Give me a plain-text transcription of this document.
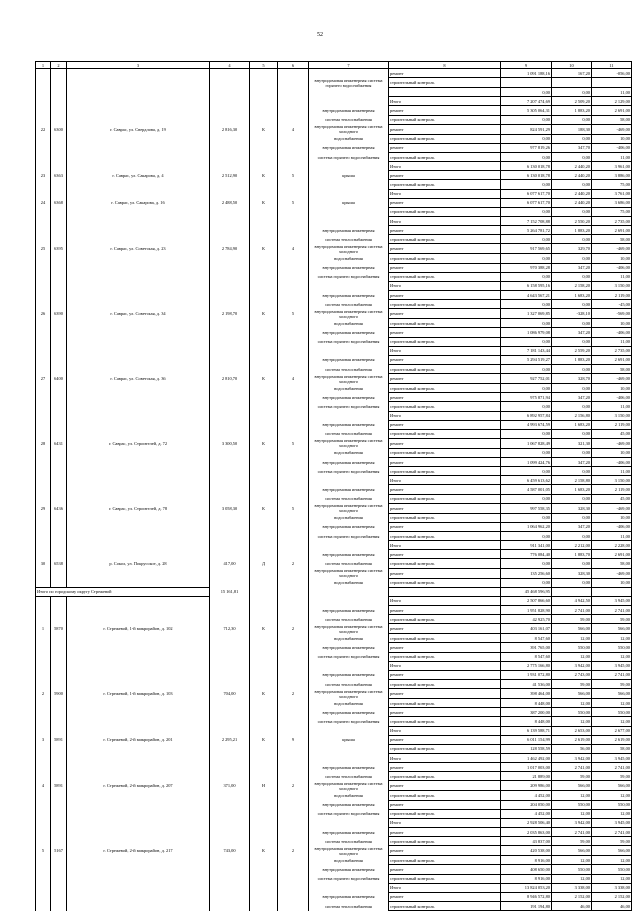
52
1	2	3	4	5	6	7	8	9	10	11
							ремонт	1 091 188,16	167,20	-056,00
						внутридомовая инженерная система горячего водоснабжения	строительный контроль			
								0,00	0,00	11,00
							Итого	7 207 474,69	2 509,20	2 129,00
						внутридомовая инженерная	ремонт	5 305 064,31	1 883,20	2 691,00
						система теплоснабжения	строительный контроль	0,00	0,00	58,00
22	6300	г. Саврас, ул. Свердлова, д. 19	2 816,30	К	4	внутридомовая инженерная система холодного	ремонт	824 591,29	188,30	-469,00
						водоснабжения	строительный контроль	0,00	0,00	10,00
						внутридомовая инженерная	ремонт	977 819,26	347,70	-406,00
						система горячего водоснабжения	строительный контроль	0,00	0,00	11,00
							Итого	6 130 018,78	2 440,20	3 961,00
23	6363	г. Саврас, ул. Сакарова, д. 4	2 512,90	К	5	крыша	ремонт	6 130 018,78	2 440,20	3 886,00
							строительный контроль	0,00	0,00	75,00
							Итого	6 077 617,70	2 440,20	3 761,00
24	6368	г. Саврас, ул. Сакарова, д. 16	2 488,50	К	5	крыша	ремонт	6 077 617,70	2 440,20	3 686,00
							строительный контроль	0,00	0,00	75,00
							Итого	7 152 708,88	2 550,20	2 735,00
						внутридомовая инженерная	ремонт	5 264 781,72	1 883,20	2 691,00
						система теплоснабжения	строительный контроль	0,00	0,00	58,00
25	6395	г. Саврас, ул. Советская, д. 23	2 784,90	К	4	внутридомовая инженерная система холодного	ремонт	917 569,65	329,70	-469,00
						водоснабжения	строительный контроль	0,00	0,00	10,00
						внутридомовая инженерная	ремонт	970 388,28	347,20	-406,00
						система горячего водоснабжения	строительный контроль	0,00	0,00	11,00
							Итого	6 158 595,16	2 158,20	3 150,00
						внутридомовая инженерная	ремонт	4 643 567,21	1 683,20	2 119,00
						система теплоснабжения	строительный контроль	0,00	0,00	-45,00
26	6390	г. Саврас, ул. Советская, д. 34	2 198,70	К	5	внутридомовая инженерная система холодного	ремонт	1 327 069,85	-328,10	-569,00
						водоснабжения	строительный контроль	0,00	0,00	10,00
						внутридомовая инженерная	ремонт	1 086 979,08	347,20	-406,00
						система горячего водоснабжения	строительный контроль	0,00	0,00	11,00
							Итого	7 181 143,44	2 559,20	2 735,00
						внутридомовая инженерная	ремонт	5 294 519,27	1 883,20	2 691,00
						система теплоснабжения	строительный контроль	0,00	0,00	58,00
27	6400	г. Саврас, ул. Советская, д. 36	2 810,70	К	4	внутридомовая инженерная система холодного	ремонт	927 752,01	328,70	-469,00
						водоснабжения	строительный контроль	0,00	0,00	10,00
						внутридомовая инженерная	ремонт	975 871,94	347,20	-406,00
						система горячего водоснабжения	строительный контроль	0,00	0,00	11,00
							Итого	6 892 957,84	2 156,80	3 150,00
						внутридомовая инженерная	ремонт	4 993 674,59	1 683,20	2 119,00
						система теплоснабжения	строительный контроль	0,00	0,00	45,00
28	6431	г. Саврас, ул. Строителей, д. 72	3 300,50	К	5	внутридомовая инженерная система холодного	ремонт	1 067 828,49	321,30	-469,00
						водоснабжения	строительный контроль	0,00	0,00	10,00
						внутридомовая инженерная	ремонт	1 099 424,76	347,20	-406,00
						система горячего водоснабжения	строительный контроль	0,00	0,00	11,00
							Итого	6 459 613,62	2 158,80	3 150,00
						внутридомовая инженерная	ремонт	4 587 001,05	1 683,20	2 119,00
						система теплоснабжения	строительный контроль	0,00	0,00	45,00
29	6436	г. Саврас, ул. Строителей, д. 78	3 058,30	К	5	внутридомовая инженерная система холодного	ремонт	997 558,35	328,30	-469,00
						водоснабжения	строительный контроль	0,00	0,00	10,00
						внутридомовая инженерная	ремонт	1 064 962,20	347,20	-406,00
						система горячего водоснабжения	строительный контроль	0,00	0,00	11,00
							Итого	911 341,00	2 212,00	2 228,00
						внутридомовая инженерная	ремонт	776 084,40	1 883,70	2 691,00
30	6538	р. Сокол, ул. Покрусское, д. 28	417,00	Д	2	система теплоснабжения	строительный контроль	0,00	0,00	58,00
						внутридомовая инженерная система холодного	ремонт	135 256,60	328,30	-469,00
						водоснабжения	строительный контроль	0,00	0,00	10,00
Итого по городскому округу Стрежевой			15 161,81					45 468 596,95		
							Итого	2 507 866,60	4 942,50	3 945,00
						внутридомовая инженерная	ремонт	1 951 828,90	2 741,00	2 741,00
						система теплоснабжения	строительный контроль	42 925,70	59,00	59,00
1	5870	г. Стрежевой, 1-й микрорайон, д. 102	712,30	К	2	внутридомовая инженерная система холодного	ремонт	403 161,07	566,00	566,00
						водоснабжения	строительный контроль	8 547,60	12,00	12,00
						внутридомовая инженерная	ремонт	391 765,00	550,00	550,00
						система горячего водоснабжения	строительный контроль	8 547,60	12,00	12,00
							Итого	2 775 166,80	3 942,00	3 945,00
						внутридомовая инженерная	ремонт	1 931 072,80	2 743,00	2 741,00
						система теплоснабжения	строительный контроль	41 536,00	59,00	59,00
2	5900	г. Стрежевой, 1-й микрорайон, д. 103	704,00	К	2	внутридомовая инженерная система холодного	ремонт	398 464,00	566,00	566,00
						водоснабжения	строительный контроль	8 448,00	12,00	12,00
						внутридомовая инженерная	ремонт	387 200,00	550,00	550,00
						система горячего водоснабжения	строительный контроль	8 448,00	12,00	12,00
							Итого	6 139 588,71	2 653,00	2 677,00
3	5891	г. Стрежевой, 2-й микрорайон, д. 201	2 295,21	К	9	крыша	ремонт	6 011 154,99	2 619,00	2 619,00
							строительный контроль	128 558,59	56,00	58,00
							Итого	1 462 492,00	3 942,00	3 945,00
						внутридомовая инженерная	ремонт	1 017 003,00	2 741,00	2 741,00
						система теплоснабжения	строительный контроль	21 889,00	59,00	59,00
4	5891	г. Стрежевой, 2-й микрорайон, д. 207	371,00	Н	2	внутридомовая инженерная система холодного	ремонт	209 986,00	566,00	566,00
						водоснабжения	строительный контроль	4 452,00	12,00	12,00
						внутридомовая инженерная	ремонт	204 050,00	550,00	550,00
						система горячего водоснабжения	строительный контроль	4 452,00	12,00	12,00
							Итого	2 928 506,40	3 942,00	3 945,00
						внутридомовая инженерная	ремонт	2 035 863,00	2 741,00	2 741,00
						система теплоснабжения	строительный контроль	43 837,00	59,00	59,00
5	5167	г. Стрежевой, 2-й микрорайон, д. 217	743,00	К	2	внутридомовая инженерная система холодного	ремонт	420 538,00	566,00	566,00
						водоснабжения	строительный контроль	8 916,00	12,00	12,00
						внутридомовая инженерная	ремонт	408 650,00	550,00	550,00
						система горячего водоснабжения	строительный контроль	8 916,00	12,00	12,00
							Итого	13 824 053,20	3 338,00	3 338,00
						внутридомовая инженерная	ремонт	8 946 572,80	2 152,00	2 152,00
						система теплоснабжения	строительный контроль	191 194,80	46,00	46,00
